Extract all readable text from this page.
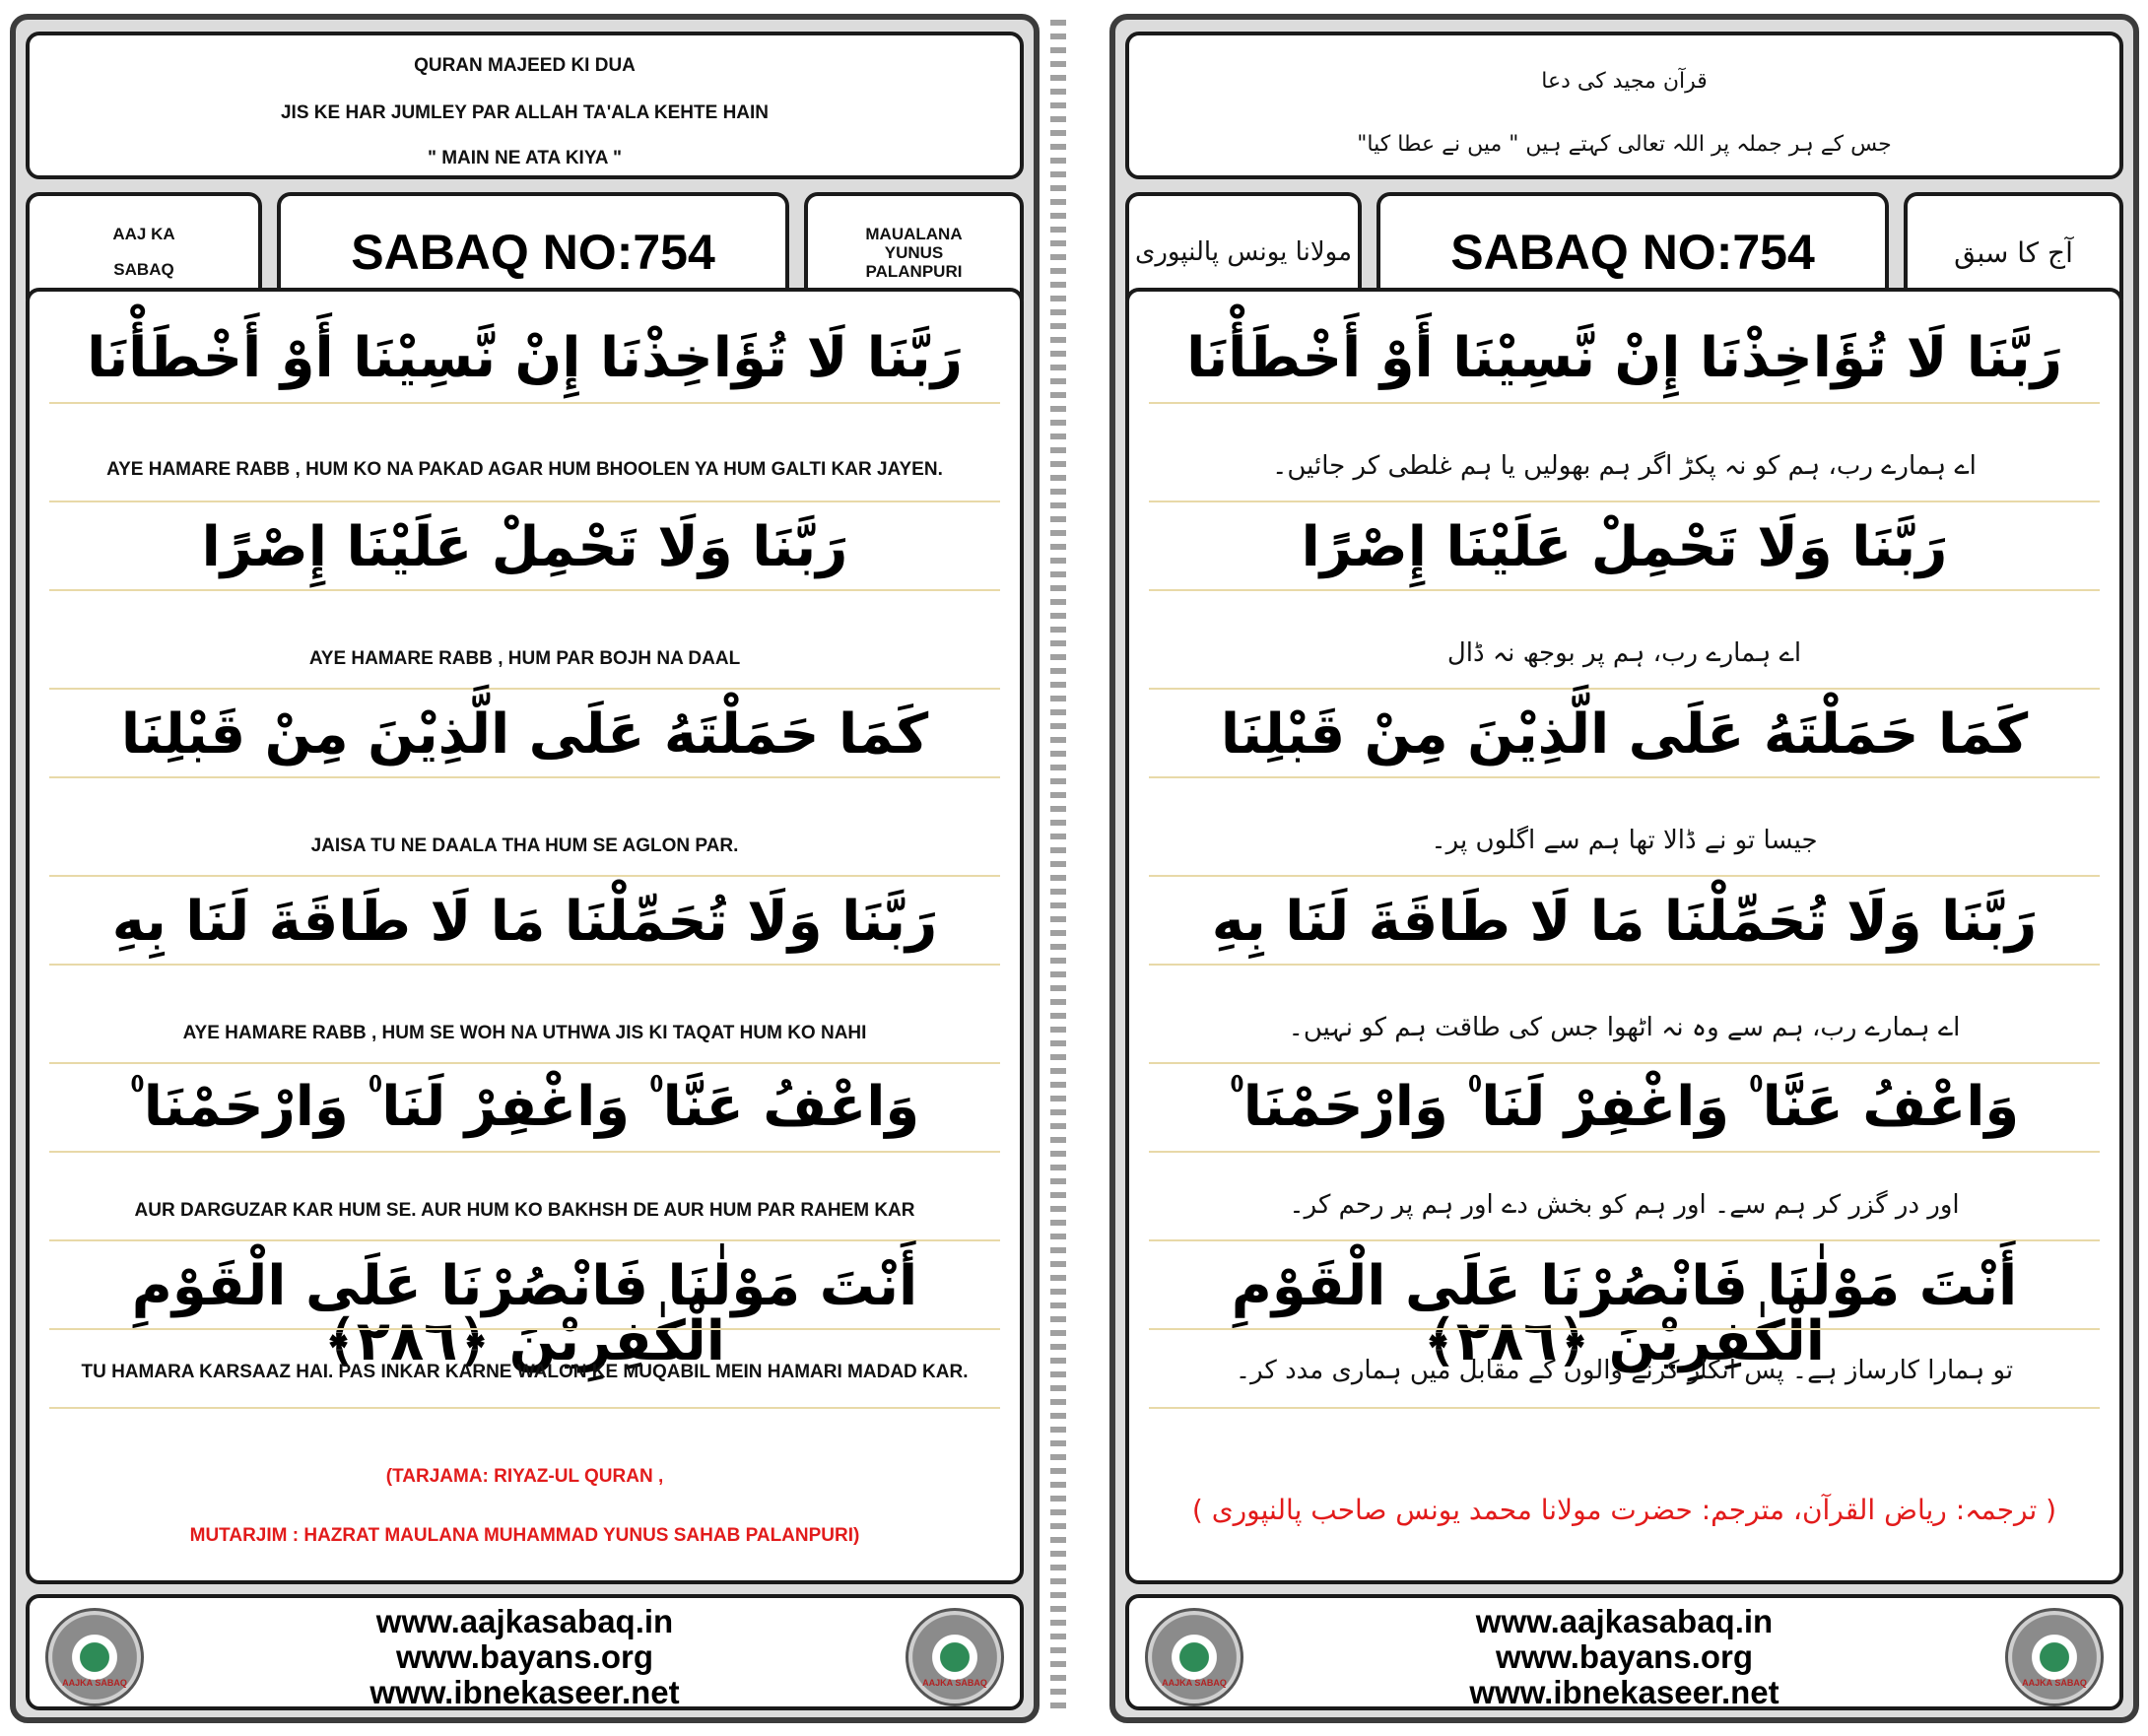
QURAN MAJEED KI DUA
JIS KE HAR JUMLEY PAR ALLAH TA'ALA KEHTE HAIN
" MAIN NE ATA KIYA "
AAJ KA
SABAQ	SABAQ NO:754	MAUALANA
YUNUS
PALANPURI
رَبَّنَا لَا تُؤَاخِذْنَا إِنْ نَّسِيْنَا أَوْ أَخْطَأْنَا
AYE HAMARE RABB , HUM KO NA PAKAD AGAR HUM BHOOLEN YA HUM GALTI KAR JAYEN.
رَبَّنَا وَلَا تَحْمِلْ عَلَيْنَا إِصْرًا
AYE HAMARE RABB , HUM PAR BOJH NA DAAL
كَمَا حَمَلْتَهُ عَلَى الَّذِيْنَ مِنْ قَبْلِنَا
JAISA TU NE DAALA THA HUM SE AGLON PAR.
رَبَّنَا وَلَا تُحَمِّلْنَا مَا لَا طَاقَةَ لَنَا بِهِ
AYE HAMARE RABB , HUM SE WOH NA UTHWA JIS KI TAQAT HUM KO NAHI
وَاعْفُ عَنَّا ۠ وَاغْفِرْ لَنَا ۠ وَارْحَمْنَا ۠
AUR DARGUZAR KAR HUM SE. AUR HUM KO BAKHSH DE AUR HUM PAR RAHEM KAR
أَنْتَ مَوْلٰنَا فَانْصُرْنَا عَلَى الْقَوْمِ الْكٰفِرِيْنَ ﴿٢٨٦﴾
TU HAMARA KARSAAZ HAI. PAS INKAR KARNE WALON KE MUQABIL MEIN HAMARI MADAD KAR.
(TARJAMA: RIYAZ-UL QURAN ,
MUTARJIM : HAZRAT MAULANA MUHAMMAD YUNUS SAHAB PALANPURI)
AAJKA SABAQ
www.aajkasabaq.in
www.bayans.org
www.ibnekaseer.net	AAJKA SABAQ
قرآن مجید کی دعا
جس کے ہر جملہ پر اللہ تعالی کہتے ہیں " میں نے عطا کیا"
مولانا یونس پالنپوری	SABAQ NO:754	آج کا سبق
رَبَّنَا لَا تُؤَاخِذْنَا إِنْ نَّسِيْنَا أَوْ أَخْطَأْنَا
اے ہمارے رب، ہم کو نہ پکڑ اگر ہم بھولیں یا ہم غلطی کر جائیں۔
رَبَّنَا وَلَا تَحْمِلْ عَلَيْنَا إِصْرًا
اے ہمارے رب، ہم پر بوجھ نہ ڈال
كَمَا حَمَلْتَهُ عَلَى الَّذِيْنَ مِنْ قَبْلِنَا
جیسا تو نے ڈالا تھا ہم سے اگلوں پر۔
رَبَّنَا وَلَا تُحَمِّلْنَا مَا لَا طَاقَةَ لَنَا بِهِ
اے ہمارے رب، ہم سے وہ نہ اٹھوا جس کی طاقت ہم کو نہیں۔
وَاعْفُ عَنَّا ۠ وَاغْفِرْ لَنَا ۠ وَارْحَمْنَا ۠
اور در گزر کر ہم سے۔ اور ہم کو بخش دے اور ہم پر رحم کر۔
أَنْتَ مَوْلٰنَا فَانْصُرْنَا عَلَى الْقَوْمِ الْكٰفِرِيْنَ ﴿٢٨٦﴾
تو ہمارا کارساز ہے۔ پس انکار کرنے والوں کے مقابل میں ہماری مدد کر۔
( ترجمہ: ریاض القرآن، مترجم: حضرت مولانا محمد یونس صاحب پالنپوری )
AAJKA SABAQ
www.aajkasabaq.in
www.bayans.org
www.ibnekaseer.net	AAJKA SABAQ
